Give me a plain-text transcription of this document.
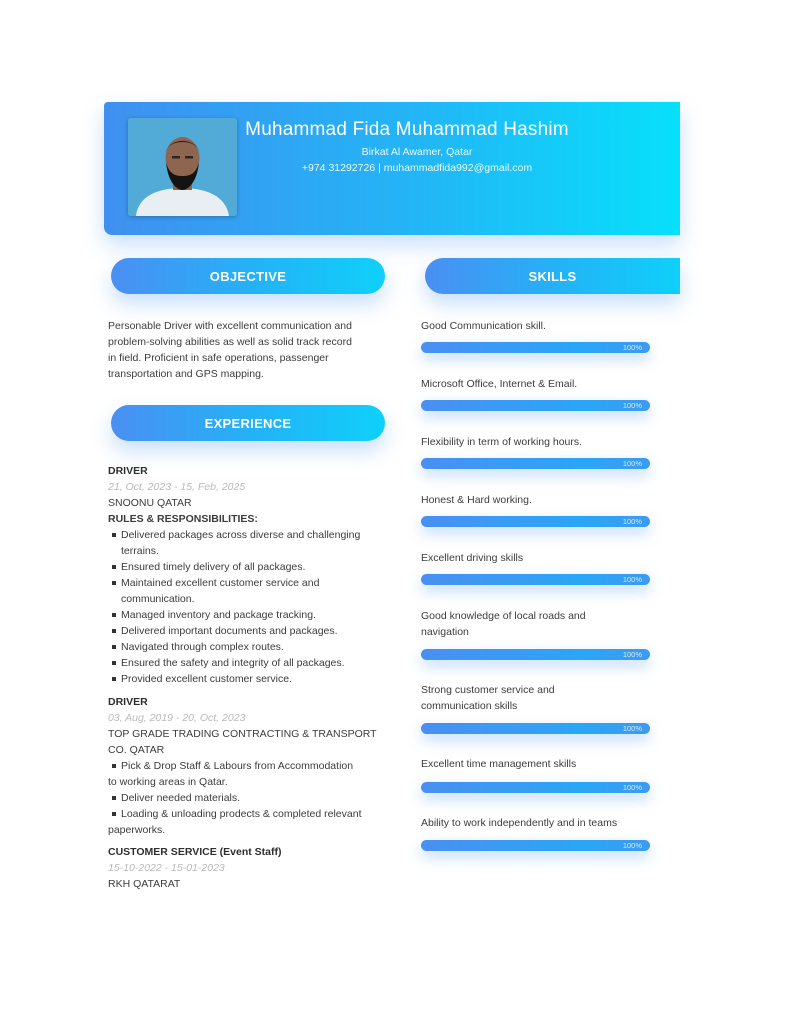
Muhammad Fida Muhammad Hashim
Birkat Al Awamer, Qatar
+974 31292726 | muhammadfida992@gmail.com
OBJECTIVE	SKILLS
Personable Driver with excellent communication and
problem-solving abilities as well as solid track record
in field. Proficient in safe operations, passenger
transportation and GPS mapping.
EXPERIENCE
DRIVER
21, Oct, 2023 - 15, Feb, 2025
SNOONU QATAR
RULES & RESPONSIBILITIES:
Delivered packages across diverse and challenging
terrains.
Ensured timely delivery of all packages.
Maintained excellent customer service and
communication.
Managed inventory and package tracking.
Delivered important documents and packages.
Navigated through complex routes.
Ensured the safety and integrity of all packages.
Provided excellent customer service.
DRIVER
03, Aug, 2019 - 20, Oct, 2023
TOP GRADE TRADING CONTRACTING & TRANSPORT
CO. QATAR
Pick & Drop Staff & Labours from Accommodation
to working areas in Qatar.
Deliver needed materials.
Loading & unloading prodects & completed relevant
paperworks.
CUSTOMER SERVICE (Event Staff)
15-10-2022 - 15-01-2023
RKH QATARAT
Good Communication skill.
100%
Microsoft Office, Internet & Email.
100%
Flexibility in term of working hours.
100%
Honest & Hard working.
100%
Excellent driving skills
100%
Good knowledge of local roads and
navigation
100%
Strong customer service and
communication skills
100%
Excellent time management skills
100%
Ability to work independently and in teams
100%
